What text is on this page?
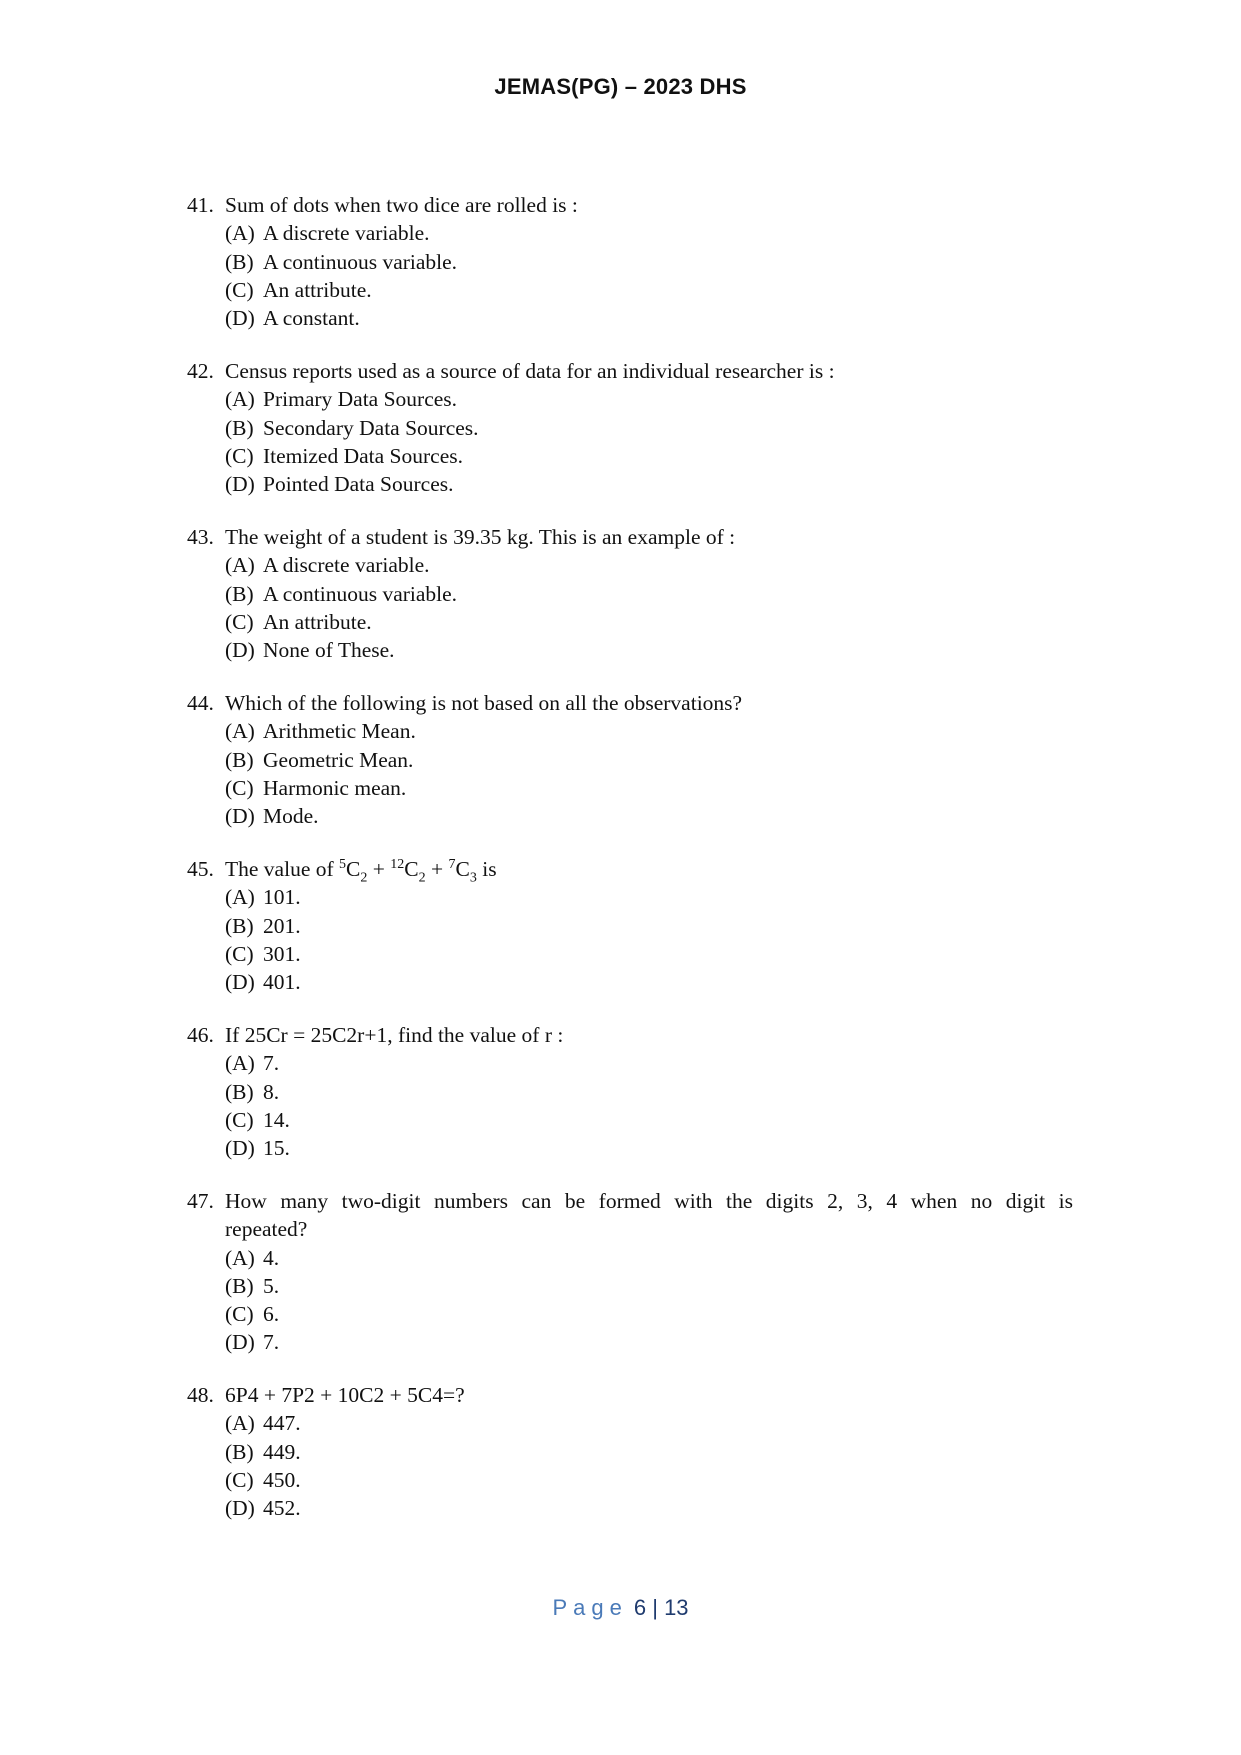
JEMAS(PG) – 2023 DHS
41. Sum of dots when two dice are rolled is :
(A) A discrete variable.
(B) A continuous variable.
(C) An attribute.
(D) A constant.
42. Census reports used as a source of data for an individual researcher is :
(A) Primary Data Sources.
(B) Secondary Data Sources.
(C) Itemized Data Sources.
(D) Pointed Data Sources.
43. The weight of a student is 39.35 kg. This is an example of :
(A) A discrete variable.
(B) A continuous variable.
(C) An attribute.
(D) None of These.
44. Which of the following is not based on all the observations?
(A) Arithmetic Mean.
(B) Geometric Mean.
(C) Harmonic mean.
(D) Mode.
45. The value of $^5C_2 + ^{12}C_2 + ^7C_3$ is
(A) 101.
(B) 201.
(C) 301.
(D) 401.
46. If 25Cr = 25C2r+1, find the value of r :
(A) 7.
(B) 8.
(C) 14.
(D) 15.
47. How many two-digit numbers can be formed with the digits 2, 3, 4 when no digit is
repeated?
(A) 4.
(B) 5.
(C) 6.
(D) 7.
48. 6P4 + 7P2 + 10C2 + 5C4=?
(A) 447.
(B) 449.
(C) 450.
(D) 452.
Page 6 | 13
